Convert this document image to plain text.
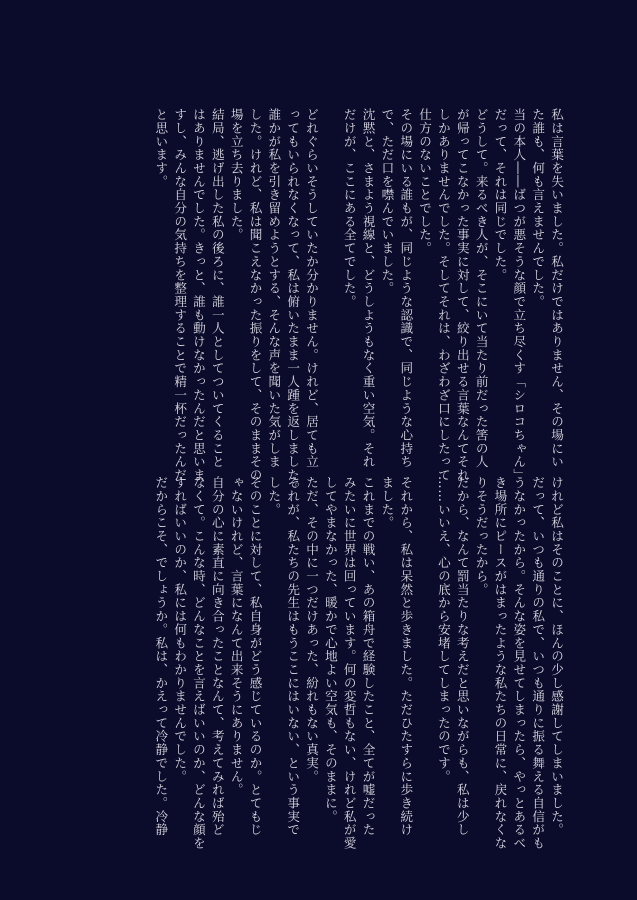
私は言葉を失いました。私だけではありません、その場にい
た誰も、何も言えませんでした。
当の本人――ばつが悪そうな顔で立ち尽くす「シロコちゃん」
だって、それは同じでした。
どうして。来るべき人が、そこにいて当たり前だった筈の人
が帰ってこなかった事実に対して、絞り出せる言葉なんてそれ
しかありませんでした。そしてそれは、わざわざ口にしたって
仕方のないことでした。
その場にいる誰もが、同じような認識で、同じような心持ち
で、ただ口を噤んでいました。
沈黙と、さまよう視線と、どうしようもなく重い空気。それ
だけが、ここにある全てでした。
どれぐらいそうしていたか分かりません。けれど、居ても立
ってもいられなくなって、私は俯いたまま一人踵を返しました。
誰かが私を引き留めようとする、そんな声を聞いた気がしま
した。けれど、私は聞こえなかった振りをして、そのままその
場を立ち去りました。
結局、逃げ出した私の後ろに、誰一人としてついてくること
はありませんでした。きっと、誰も動けなかったんだと思いま
すし、みんな自分の気持ちを整理することで精一杯だったんだ
と思います。
けれど私はそのことに、ほんの少し感謝してしまいました。
だって、いつも通りの私で、いつも通りに振る舞える自信がも
うなかったから。そんな姿を見せてしまったら、やっとあるべ
き場所にピースがはまったような私たちの日常に、戻れなくな
りそうだったから。
だから、なんて罰当たりな考えだと思いながらも、私は少し
……いいえ、心の底から安堵してしまったのです。
それから、私は呆然と歩きました。ただひたすらに歩き続け
ました。
これまでの戦い、あの箱舟で経験したこと、全てが嘘だった
みたいに世界は回っています。何の変哲もない、けれど私が愛
してやまなかった、暖かで心地よい空気も、そのままに。
ただ、その中に一つだけあった、紛れもない真実。
それが、私たちの先生はもうここにはいない、という事実で
した。
そのことに対して、私自身がどう感じているのか。とてもじ
ゃないけれど、言葉になんて出来そうにありません。
自分の心に素直に向き合ったことなんて、考えてみれば殆ど
なくて。こんな時、どんなことを言えばいいのか、どんな顔を
すればいいのか、私には何もわかりませんでした。
だからこそ、でしょうか。私は、かえって冷静でした。冷静
